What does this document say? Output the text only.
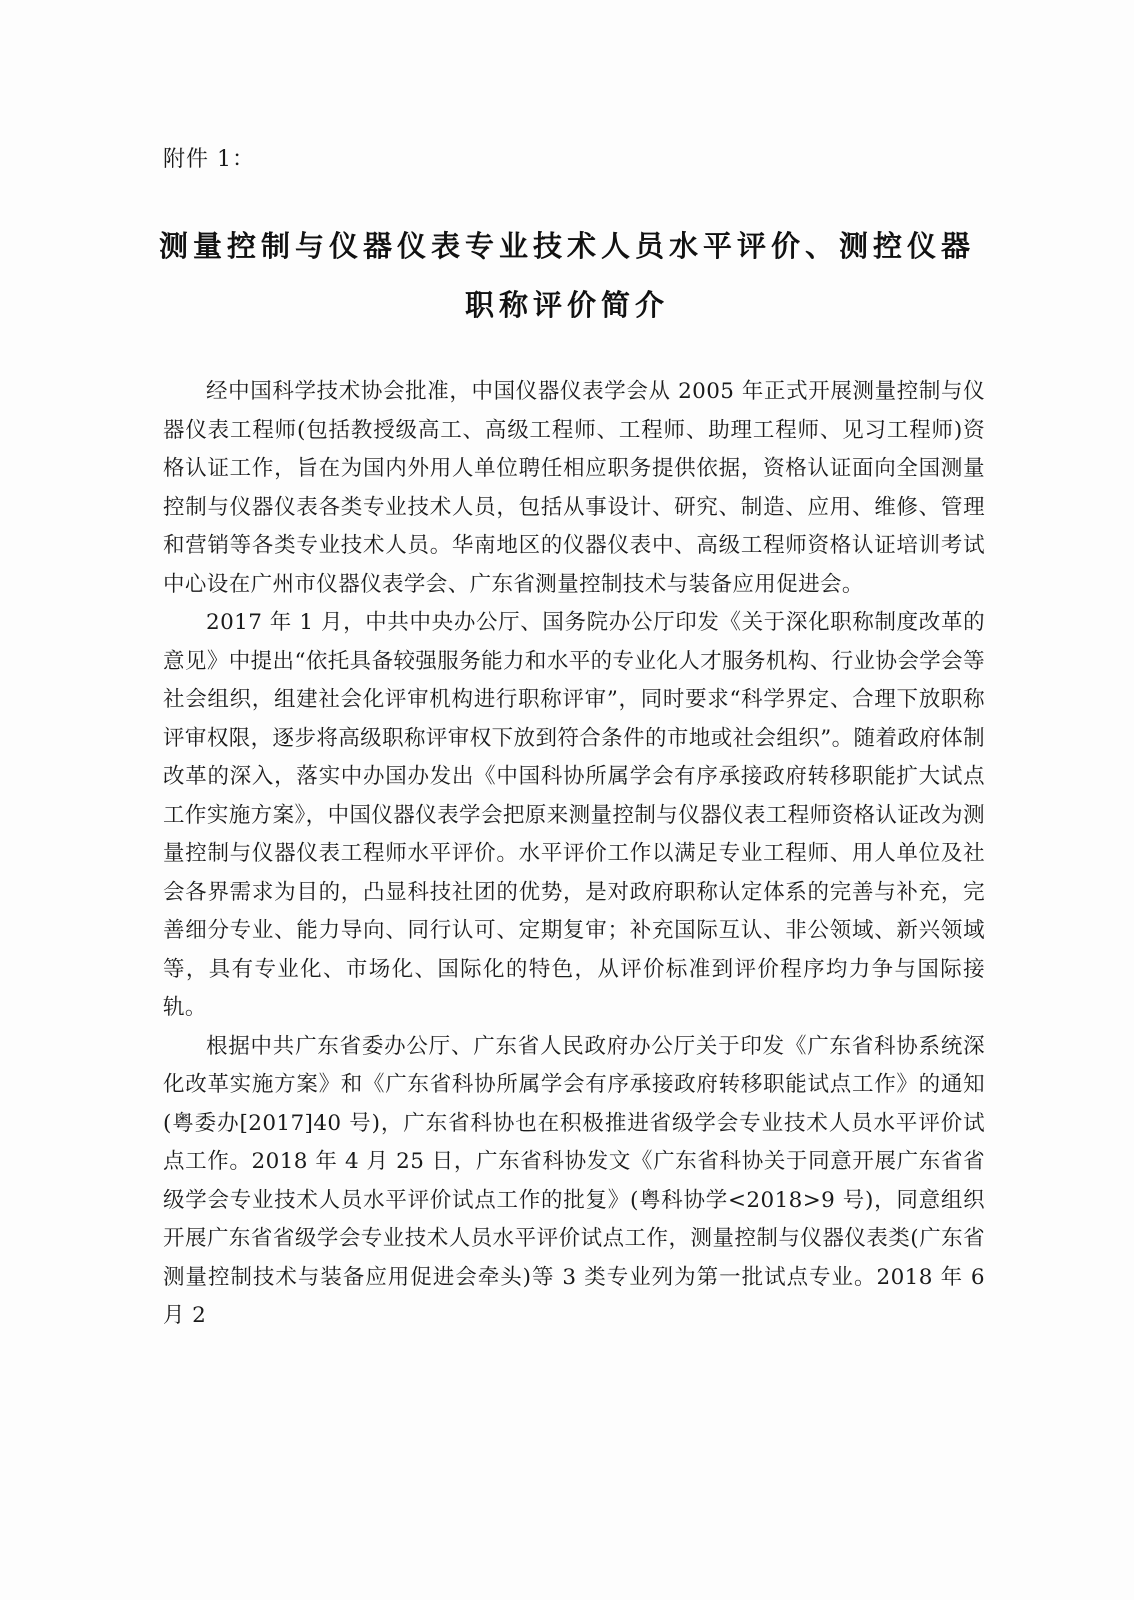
附件 1：
测量控制与仪器仪表专业技术人员水平评价、测控仪器
职称评价简介

经中国科学技术协会批准，中国仪器仪表学会从 2005 年正式开展测量控制与仪器仪表工程师(包括教授级高工、高级工程师、工程师、助理工程师、见习工程师)资格认证工作，旨在为国内外用人单位聘任相应职务提供依据，资格认证面向全国测量控制与仪器仪表各类专业技术人员，包括从事设计、研究、制造、应用、维修、管理和营销等各类专业技术人员。华南地区的仪器仪表中、高级工程师资格认证培训考试中心设在广州市仪器仪表学会、广东省测量控制技术与装备应用促进会。

2017 年 1 月，中共中央办公厅、国务院办公厅印发《关于深化职称制度改革的意见》中提出“依托具备较强服务能力和水平的专业化人才服务机构、行业协会学会等社会组织，组建社会化评审机构进行职称评审”，同时要求“科学界定、合理下放职称评审权限，逐步将高级职称评审权下放到符合条件的市地或社会组织”。随着政府体制改革的深入，落实中办国办发出《中国科协所属学会有序承接政府转移职能扩大试点工作实施方案》，中国仪器仪表学会把原来测量控制与仪器仪表工程师资格认证改为测量控制与仪器仪表工程师水平评价。水平评价工作以满足专业工程师、用人单位及社会各界需求为目的，凸显科技社团的优势，是对政府职称认定体系的完善与补充，完善细分专业、能力导向、同行认可、定期复审；补充国际互认、非公领域、新兴领域等，具有专业化、市场化、国际化的特色，从评价标准到评价程序均力争与国际接轨。

根据中共广东省委办公厅、广东省人民政府办公厅关于印发《广东省科协系统深化改革实施方案》和《广东省科协所属学会有序承接政府转移职能试点工作》的通知(粤委办[2017]40 号)，广东省科协也在积极推进省级学会专业技术人员水平评价试点工作。2018 年 4 月 25 日，广东省科协发文《广东省科协关于同意开展广东省省级学会专业技术人员水平评价试点工作的批复》(粤科协学<2018>9 号)，同意组织开展广东省省级学会专业技术人员水平评价试点工作，测量控制与仪器仪表类(广东省测量控制技术与装备应用促进会牵头)等 3 类专业列为第一批试点专业。2018 年 6 月 2
